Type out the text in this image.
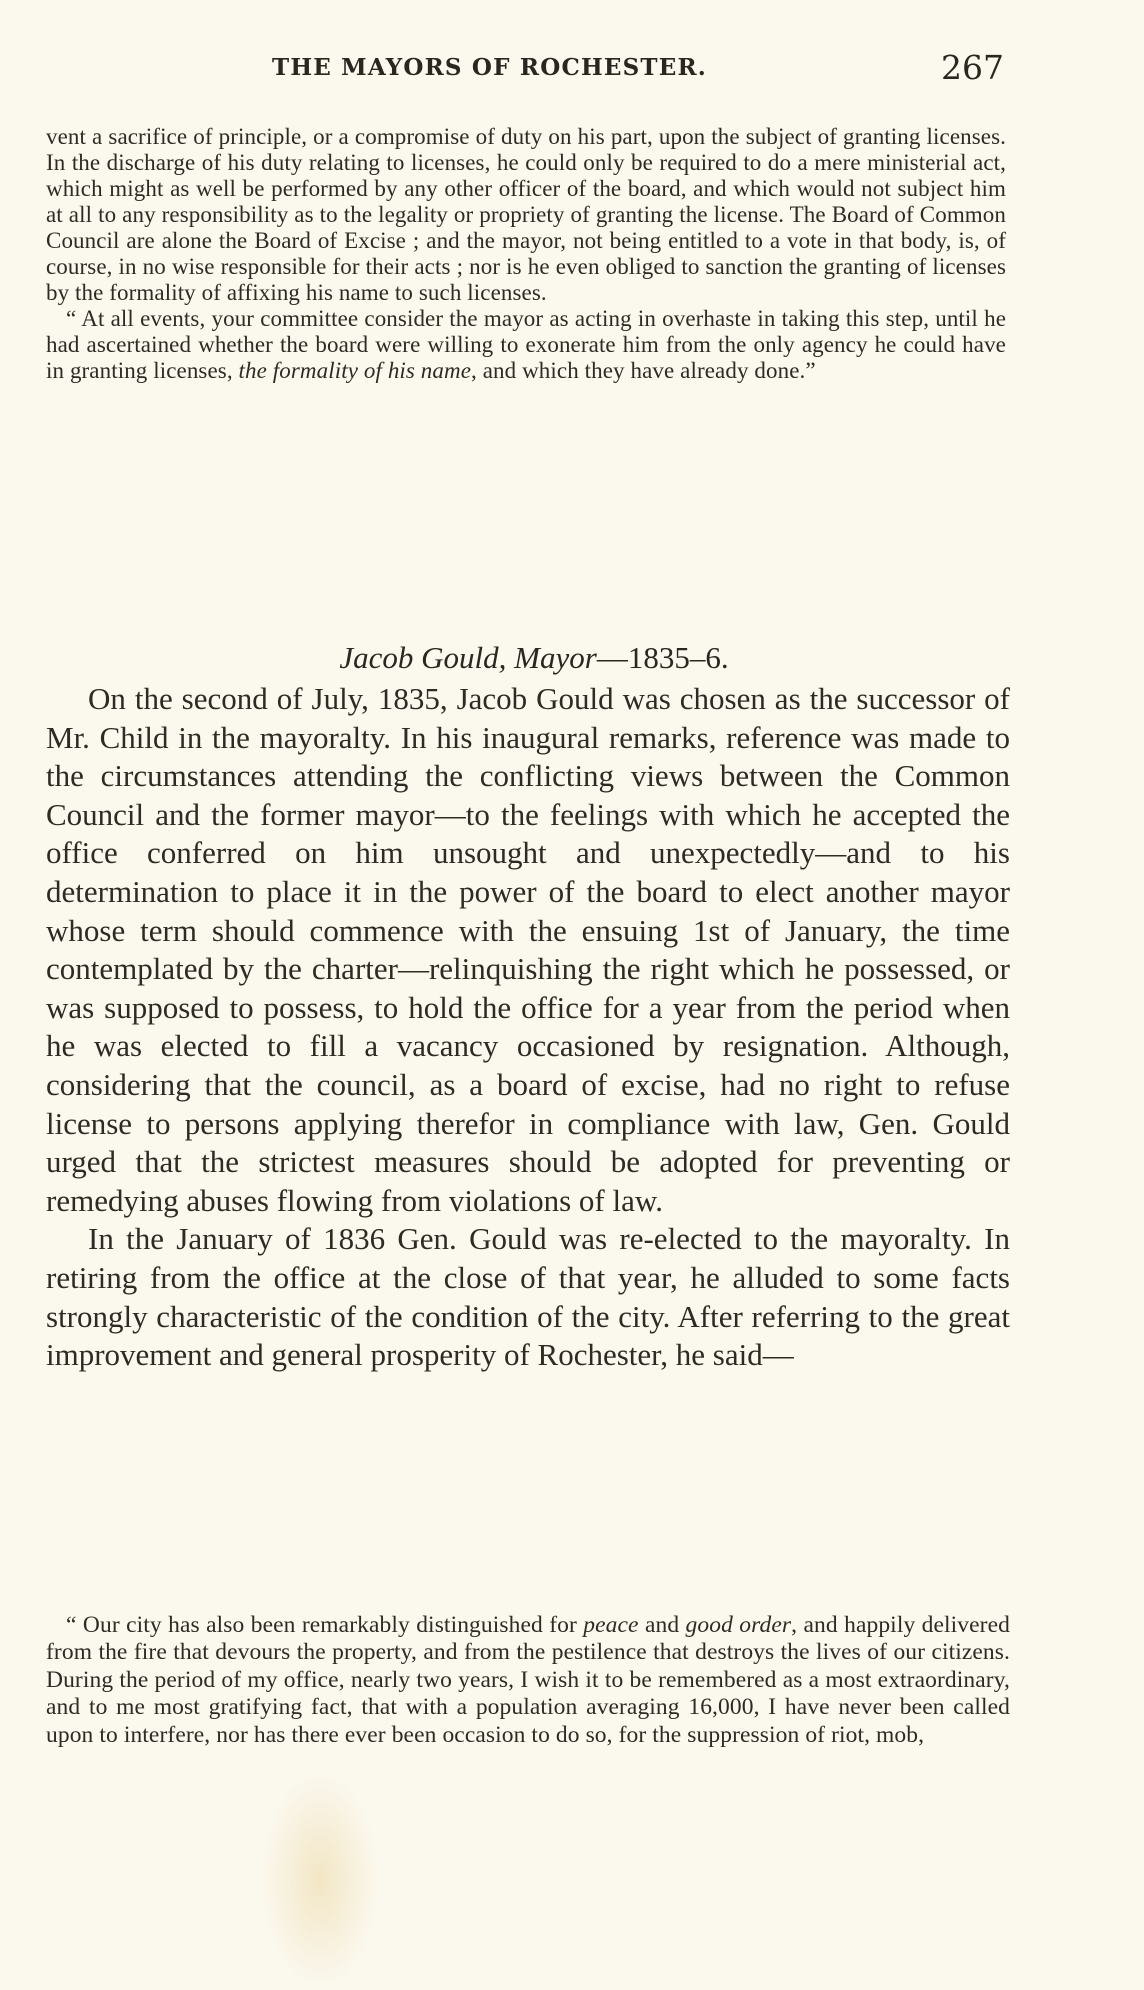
THE MAYORS OF ROCHESTER.	267

vent a sacrifice of principle, or a compromise of duty on his part, upon the subject of granting licenses. In the discharge of his duty relating to licenses, he could only be required to do a mere ministerial act, which might as well be performed by any other officer of the board, and which would not subject him at all to any responsibility as to the legality or propriety of granting the license. The Board of Common Council are alone the Board of Excise ; and the mayor, not being entitled to a vote in that body, is, of course, in no wise responsible for their acts ; nor is he even obliged to sanction the granting of licenses by the formality of affixing his name to such licenses.

“ At all events, your committee consider the mayor as acting in overhaste in taking this step, until he had ascertained whether the board were willing to exonerate him from the only agency he could have in granting licenses, the formality of his name, and which they have already done.”

Jacob Gould, Mayor—1835–6.

On the second of July, 1835, Jacob Gould was chosen as the successor of Mr. Child in the mayoralty. In his inaugural remarks, reference was made to the circumstances attending the conflicting views between the Common Council and the former mayor—to the feelings with which he accepted the office conferred on him unsought and unexpectedly—and to his determination to place it in the power of the board to elect another mayor whose term should commence with the ensuing 1st of January, the time contemplated by the charter—relinquishing the right which he possessed, or was supposed to possess, to hold the office for a year from the period when he was elected to fill a vacancy occasioned by resignation. Although, considering that the council, as a board of excise, had no right to refuse license to persons applying therefor in compliance with law, Gen. Gould urged that the strictest measures should be adopted for preventing or remedying abuses flowing from violations of law.

In the January of 1836 Gen. Gould was re-elected to the mayoralty. In retiring from the office at the close of that year, he alluded to some facts strongly characteristic of the condition of the city. After referring to the great improvement and general prosperity of Rochester, he said—

“ Our city has also been remarkably distinguished for peace and good order, and happily delivered from the fire that devours the property, and from the pestilence that destroys the lives of our citizens. During the period of my office, nearly two years, I wish it to be remembered as a most extraordinary, and to me most gratifying fact, that with a population averaging 16,000, I have never been called upon to interfere, nor has there ever been occasion to do so, for the suppression of riot, mob,
